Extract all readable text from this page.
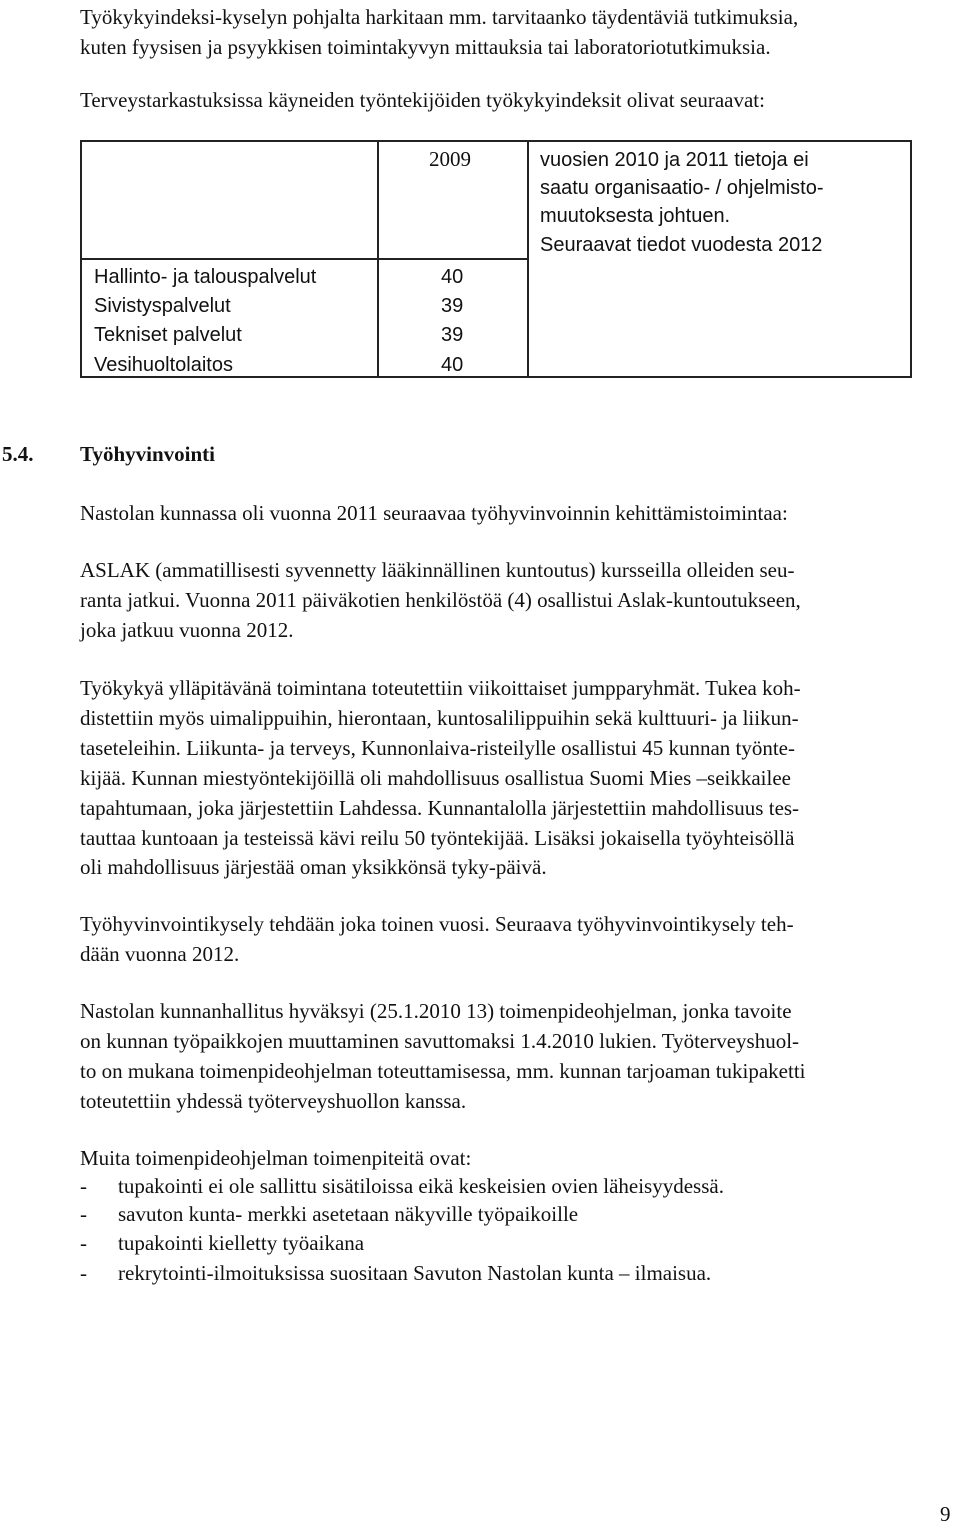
Työkykyindeksi-kyselyn pohjalta harkitaan mm. tarvitaanko täydentäviä tutkimuksia,
kuten fyysisen ja psyykkisen toimintakyvyn mittauksia tai laboratoriotutkimuksia.
Terveystarkastuksissa käyneiden työntekijöiden työkykyindeksit olivat seuraavat:
2009	vuosien 2010 ja 2011 tietoja ei
saatu organisaatio- / ohjelmisto-
muutoksesta johtuen.
Seuraavat tiedot vuodesta 2012
Hallinto- ja talouspalvelut	40
Sivistyspalvelut	39
Tekniset palvelut	39
Vesihuoltolaitos	40
5.4. Työhyvinvointi
Nastolan kunnassa oli vuonna 2011 seuraavaa työhyvinvoinnin kehittämistoimintaa:
ASLAK (ammatillisesti syvennetty lääkinnällinen kuntoutus) kursseilla olleiden seu-
ranta jatkui. Vuonna 2011 päiväkotien henkilöstöä (4) osallistui Aslak-kuntoutukseen,
joka jatkuu vuonna 2012.
Työkykyä ylläpitävänä toimintana toteutettiin viikoittaiset jumpparyhmät. Tukea koh-
distettiin myös uimalippuihin, hierontaan, kuntosalilippuihin sekä kulttuuri- ja liikun-
taseteleihin. Liikunta- ja terveys, Kunnonlaiva-risteilylle osallistui 45 kunnan työnte-
kijää. Kunnan miestyöntekijöillä oli mahdollisuus osallistua Suomi Mies –seikkailee
tapahtumaan, joka järjestettiin Lahdessa. Kunnantalolla järjestettiin mahdollisuus tes-
tauttaa kuntoaan ja testeissä kävi reilu 50 työntekijää. Lisäksi jokaisella työyhteisöllä
oli mahdollisuus järjestää oman yksikkönsä tyky-päivä.
Työhyvinvointikysely tehdään joka toinen vuosi. Seuraava työhyvinvointikysely teh-
dään vuonna 2012.
Nastolan kunnanhallitus hyväksyi (25.1.2010 13) toimenpideohjelman, jonka tavoite
on kunnan työpaikkojen muuttaminen savuttomaksi 1.4.2010 lukien. Työterveyshuol-
to on mukana toimenpideohjelman toteuttamisessa, mm. kunnan tarjoaman tukipaketti
toteutettiin yhdessä työterveyshuollon kanssa.
Muita toimenpideohjelman toimenpiteitä ovat:
- tupakointi ei ole sallittu sisätiloissa eikä keskeisien ovien läheisyydessä.
- savuton kunta- merkki asetetaan näkyville työpaikoille
- tupakointi kielletty työaikana
- rekrytointi-ilmoituksissa suositaan Savuton Nastolan kunta – ilmaisua.
9
